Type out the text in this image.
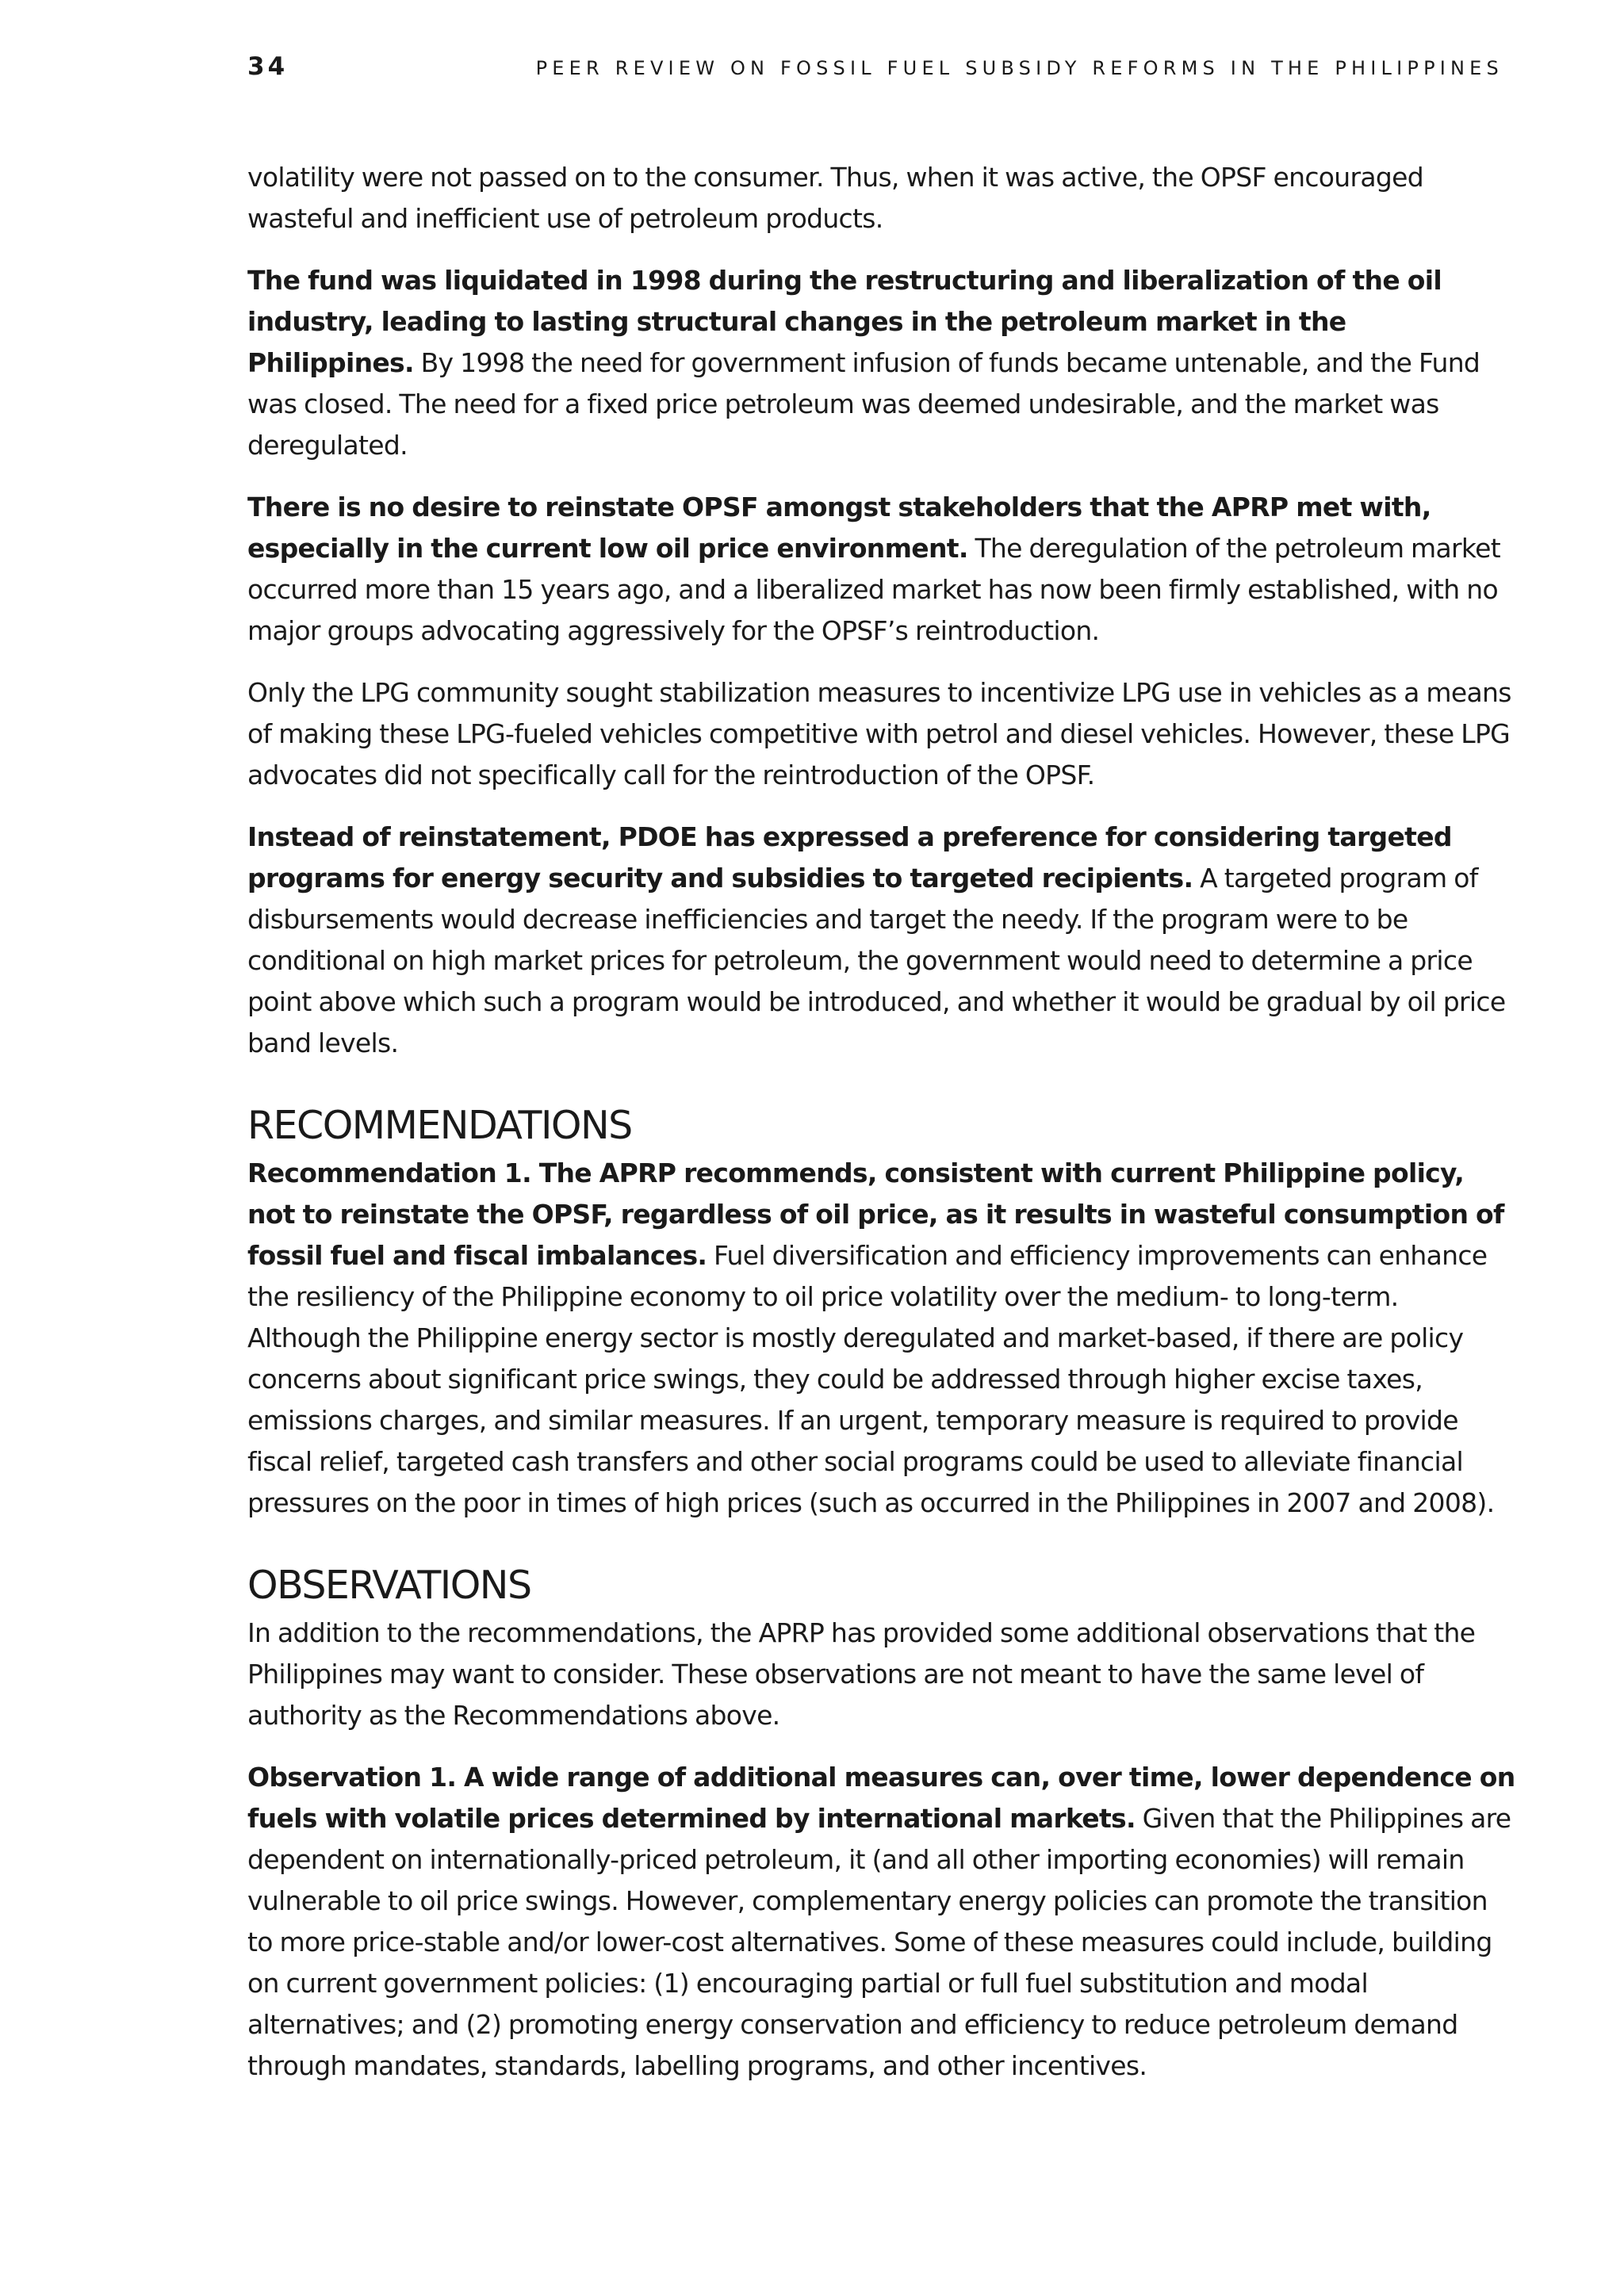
34	PEER REVIEW ON FOSSIL FUEL SUBSIDY REFORMS IN THE PHILIPPINES

volatility were not passed on to the consumer. Thus, when it was active, the OPSF encouraged wasteful and inefficient use of petroleum products.

The fund was liquidated in 1998 during the restructuring and liberalization of the oil industry, leading to lasting structural changes in the petroleum market in the Philippines. By 1998 the need for government infusion of funds became untenable, and the Fund was closed. The need for a fixed price petroleum was deemed undesirable, and the market was deregulated.

There is no desire to reinstate OPSF amongst stakeholders that the APRP met with, especially in the current low oil price environment. The deregulation of the petroleum market occurred more than 15 years ago, and a liberalized market has now been firmly established, with no major groups advocating aggressively for the OPSF’s reintroduction.

Only the LPG community sought stabilization measures to incentivize LPG use in vehicles as a means of making these LPG-fueled vehicles competitive with petrol and diesel vehicles. However, these LPG advocates did not specifically call for the reintroduction of the OPSF.

Instead of reinstatement, PDOE has expressed a preference for considering targeted programs for energy security and subsidies to targeted recipients. A targeted program of disbursements would decrease inefficiencies and target the needy. If the program were to be conditional on high market prices for petroleum, the government would need to determine a price point above which such a program would be introduced, and whether it would be gradual by oil price band levels.

RECOMMENDATIONS

Recommendation 1. The APRP recommends, consistent with current Philippine policy, not to reinstate the OPSF, regardless of oil price, as it results in wasteful consumption of fossil fuel and fiscal imbalances. Fuel diversification and efficiency improvements can enhance the resiliency of the Philippine economy to oil price volatility over the medium- to long-term. Although the Philippine energy sector is mostly deregulated and market-based, if there are policy concerns about significant price swings, they could be addressed through higher excise taxes, emissions charges, and similar measures. If an urgent, temporary measure is required to provide fiscal relief, targeted cash transfers and other social programs could be used to alleviate financial pressures on the poor in times of high prices (such as occurred in the Philippines in 2007 and 2008).

OBSERVATIONS

In addition to the recommendations, the APRP has provided some additional observations that the Philippines may want to consider. These observations are not meant to have the same level of authority as the Recommendations above.

Observation 1. A wide range of additional measures can, over time, lower dependence on fuels with volatile prices determined by international markets. Given that the Philippines are dependent on internationally-priced petroleum, it (and all other importing economies) will remain vulnerable to oil price swings. However, complementary energy policies can promote the transition to more price-stable and/or lower-cost alternatives. Some of these measures could include, building on current government policies: (1) encouraging partial or full fuel substitution and modal alternatives; and (2) promoting energy conservation and efficiency to reduce petroleum demand through mandates, standards, labelling programs, and other incentives.
